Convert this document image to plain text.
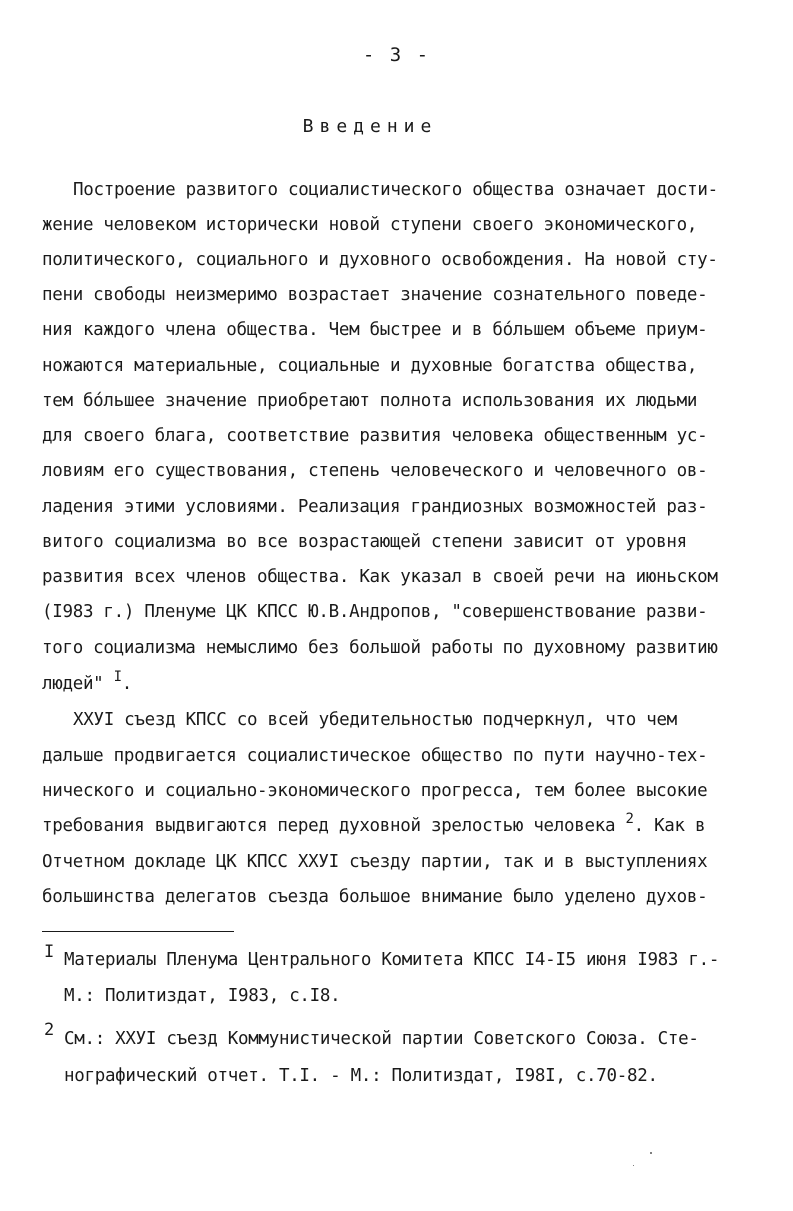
- 3 -
Введение
Построение развитого социалистического общества означает дости-
жение человеком исторически новой ступени своего экономического,
политического, социального и духовного освобождения. На новой сту-
пени свободы неизмеримо возрастает значение сознательного поведе-
ния каждого члена общества. Чем быстрее и в бо́льшем объеме приум-
ножаются материальные, социальные и духовные богатства общества,
тем бо́льшее значение приобретают полнота использования их людьми
для своего блага, соответствие развития человека общественным ус-
ловиям его существования, степень человеческого и человечного ов-
ладения этими условиями. Реализация грандиозных возможностей раз-
витого социализма во все возрастающей степени зависит от уровня
развития всех членов общества. Как указал в своей речи на июньском
(I983 г.) Пленуме ЦК КПСС Ю.В.Андропов, "совершенствование разви-
того социализма немыслимо без большой работы по духовному развитию
людей" $^I$.
ХХУI съезд КПСС со всей убедительностью подчеркнул, что чем
дальше продвигается социалистическое общество по пути научно-тех-
нического и социально-экономического прогресса, тем более высокие
требования выдвигаются перед духовной зрелостью человека $^2$. Как в
Отчетном докладе ЦК КПСС ХХУI съезду партии, так и в выступлениях
большинства делегатов съезда большое внимание было уделено духов-
I Материалы Пленума Центрального Комитета КПСС I4-I5 июня I983 г.-
М.: Политиздат, I983, с.I8.
2 См.: ХХУI съезд Коммунистической партии Советского Союза. Сте-
нографический отчет. Т.I. - М.: Политиздат, I98I, с.70-82.
